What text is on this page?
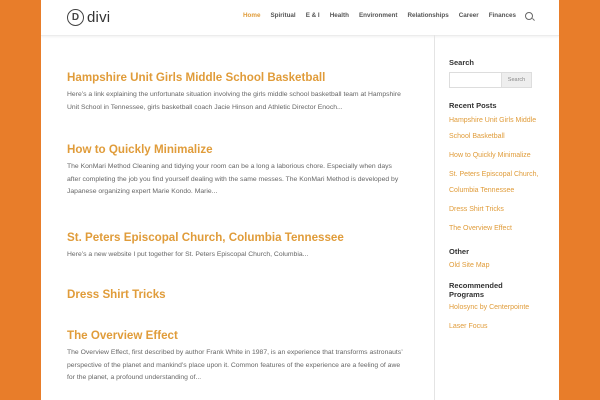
D divi	Home Spiritual E & I Health Environment Relationships Career Finances
Hampshire Unit Girls Middle School Basketball
Here’s a link explaining the unfortunate situation involving the girls middle school basketball team at Hampshire Unit School in Tennessee, girls basketball coach Jacie Hinson and Athletic Director Enoch...
How to Quickly Minimalize
The KonMari Method Cleaning and tidying your room can be a long a laborious chore. Especially when days after completing the job you find yourself dealing with the same messes. The KonMari Method is developed by Japanese organizing expert Marie Kondo. Marie...
St. Peters Episcopal Church, Columbia Tennessee
Here’s a new website I put together for St. Peters Episcopal Church, Columbia...
Dress Shirt Tricks
The Overview Effect
The Overview Effect, first described by author Frank White in 1987, is an experience that transforms astronauts’ perspective of the planet and mankind’s place upon it. Common features of the experience are a feeling of awe for the planet, a profound understanding of...
Search
Search
Recent Posts
Hampshire Unit Girls Middle School Basketball
How to Quickly Minimalize
St. Peters Episcopal Church, Columbia Tennessee
Dress Shirt Tricks
The Overview Effect
Other
Old Site Map
Recommended Programs
Holosync by Centerpointe
Laser Focus
